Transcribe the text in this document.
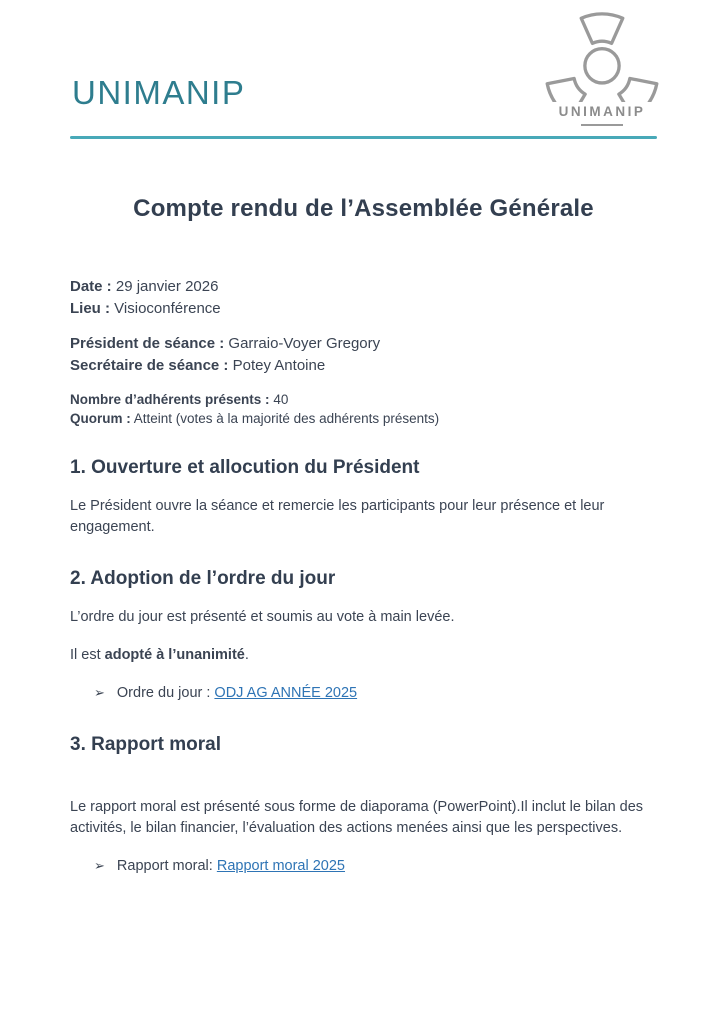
UNIMANIP
UNIMANIP
Compte rendu de l’Assemblée Générale

Date : 29 janvier 2026

Lieu : Visioconférence

Président de séance : Garraio-Voyer Gregory

Secrétaire de séance : Potey Antoine

Nombre d’adhérents présents : 40

Quorum : Atteint (votes à la majorité des adhérents présents)

1. Ouverture et allocution du Président

Le Président ouvre la séance et remercie les participants pour leur présence et leur engagement.

2. Adoption de l’ordre du jour

L’ordre du jour est présenté et soumis au vote à main levée.

Il est adopté à l’unanimité.

➢ Ordre du jour : ODJ AG ANNÉE 2025
3. Rapport moral

Le rapport moral est présenté sous forme de diaporama (PowerPoint).Il inclut le bilan des activités, le bilan financier, l’évaluation des actions menées ainsi que les perspectives.

➢ Rapport moral: Rapport moral 2025
